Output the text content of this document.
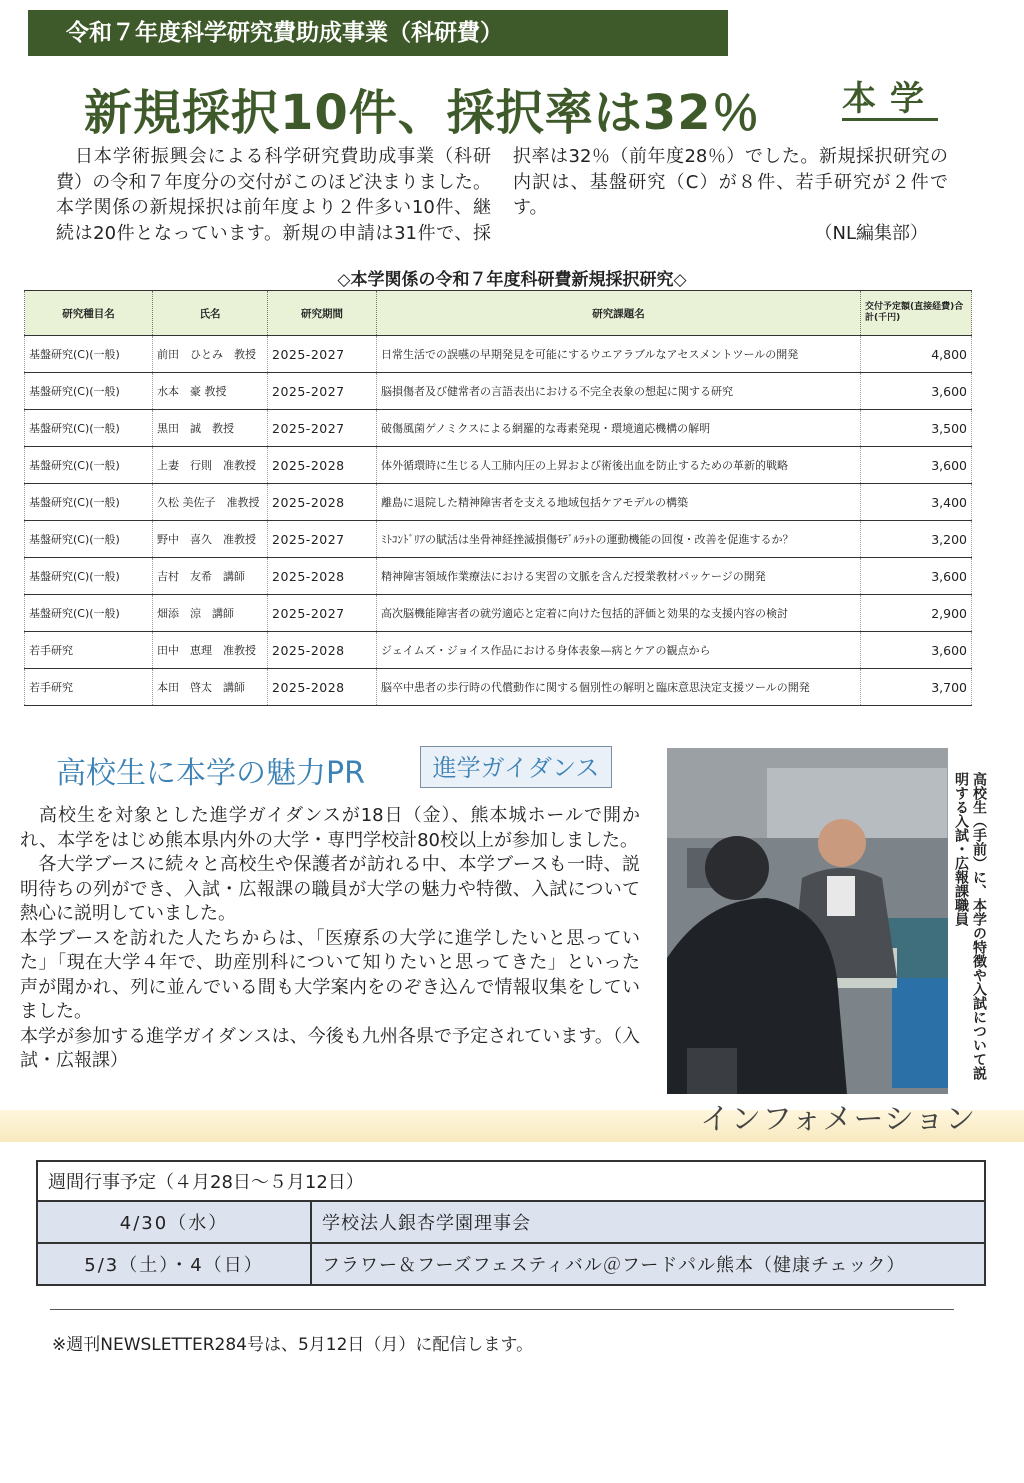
令和７年度科学研究費助成事業（科研費）
新規採択10件、採択率は32％ 本学
　日本学術振興会による科学研究費助成事業（科研費）の令和７年度分の交付がこのほど決まりました。本学関係の新規採択は前年度より２件多い10件、継続は20件となっています。新規の申請は31件で、採択率は32％（前年度28％）でした。新規採択研究の内訳は、基盤研究（C）が８件、若手研究が２件です。
（NL編集部）
◇本学関係の令和７年度科研費新規採択研究◇
研究種目名	氏名	研究期間	研究課題名	交付予定額(直接経費)合計(千円)
基盤研究(C)(一般)	前田　ひとみ　教授	2025-2027	日常生活での誤嚥の早期発見を可能にするウエアラブルなアセスメントツールの開発	4,800
基盤研究(C)(一般)	水本　豪 教授	2025-2027	脳損傷者及び健常者の言語表出における不完全表象の想起に関する研究	3,600
基盤研究(C)(一般)	黒田　誠　教授	2025-2027	破傷風菌ゲノミクスによる網羅的な毒素発現・環境適応機構の解明	3,500
基盤研究(C)(一般)	上妻　行則　准教授	2025-2028	体外循環時に生じる人工肺内圧の上昇および術後出血を防止するための革新的戦略	3,600
基盤研究(C)(一般)	久松 美佐子　准教授	2025-2028	離島に退院した精神障害者を支える地域包括ケアモデルの構築	3,400
基盤研究(C)(一般)	野中　喜久　准教授	2025-2027	ﾐﾄｺﾝﾄﾞﾘｱの賦活は坐骨神経挫滅損傷ﾓﾃﾞﾙﾗｯﾄの運動機能の回復・改善を促進するか？	3,200
基盤研究(C)(一般)	吉村　友希　講師	2025-2028	精神障害領域作業療法における実習の文脈を含んだ授業教材パッケージの開発	3,600
基盤研究(C)(一般)	畑添　涼　講師	2025-2027	高次脳機能障害者の就労適応と定着に向けた包括的評価と効果的な支援内容の検討	2,900
若手研究	田中　恵理　准教授	2025-2028	ジェイムズ・ジョイス作品における身体表象—病とケアの観点から	3,600
若手研究	本田　啓太　講師	2025-2028	脳卒中患者の歩行時の代償動作に関する個別性の解明と臨床意思決定支援ツールの開発	3,700
高校生に本学の魅力PR	進学ガイダンス

　高校生を対象とした進学ガイダンスが18日（金）、熊本城ホールで開かれ、本学をはじめ熊本県内外の大学・専門学校計80校以上が参加しました。

　各大学ブースに続々と高校生や保護者が訪れる中、本学ブースも一時、説明待ちの列ができ、入試・広報課の職員が大学の魅力や特徴、入試について熱心に説明していました。

本学ブースを訪れた人たちからは、「医療系の大学に進学したいと思っていた」「現在大学４年で、助産別科について知りたいと思ってきた」といった声が聞かれ、列に並んでいる間も大学案内をのぞき込んで情報収集をしていました。

本学が参加する進学ガイダンスは、今後も九州各県で予定されています。（入試・広報課）	高校生（手前）に、本学の特徴や入試について説明する入試・広報課職員
インフォメーション
週間行事予定（４月28日～５月12日）	
4/30（水）	学校法人銀杏学園理事会
5/3（土）・4（日）	フラワー＆フーズフェスティバル＠フードパル熊本（健康チェック）
※週刊NEWSLETTER284号は、5月12日（月）に配信します。
